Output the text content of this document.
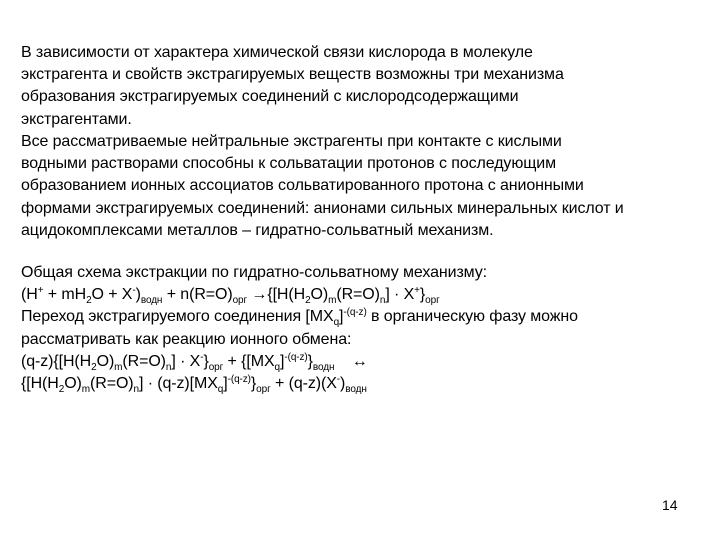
В зависимости от характера химической связи кислорода в молекуле
экстрагента и свойств экстрагируемых веществ возможны три механизма
образования экстрагируемых соединений с кислородсодержащими
экстрагентами.
Все рассматриваемые нейтральные экстрагенты при контакте с кислыми
водными растворами способны к сольватации протонов с последующим
образованием ионных ассоциатов сольватированного протона с анионными
формами экстрагируемых соединений: анионами сильных минеральных кислот и
ацидокомплексами металлов – гидратно-сольватный механизм.
Общая схема экстракции по гидратно-сольватному механизму:
$(H^+ + mH_2O + X^-)_{водн} + n(R=O)_{орг} \to\{[H(H_2O)_m(R=O)_n] \cdot X^+\}_{орг}$
Переход экстрагируемого соединения $[MX_q]^{-(q-z)}$ в органическую фазу можно
рассматривать как реакцию ионного обмена:
$(q-z)\{[H(H_2O)_m(R=O)_n] \cdot X^-\}_{орг} + \{[MX_q]^{-(q-z)}\}_{водн}$    ↔
$\{[H(H_2O)_m(R=O)_n] \cdot (q-z)[MX_q]^{-(q-z)}\}_{орг} + (q-z)(X^-)_{водн}$
14
